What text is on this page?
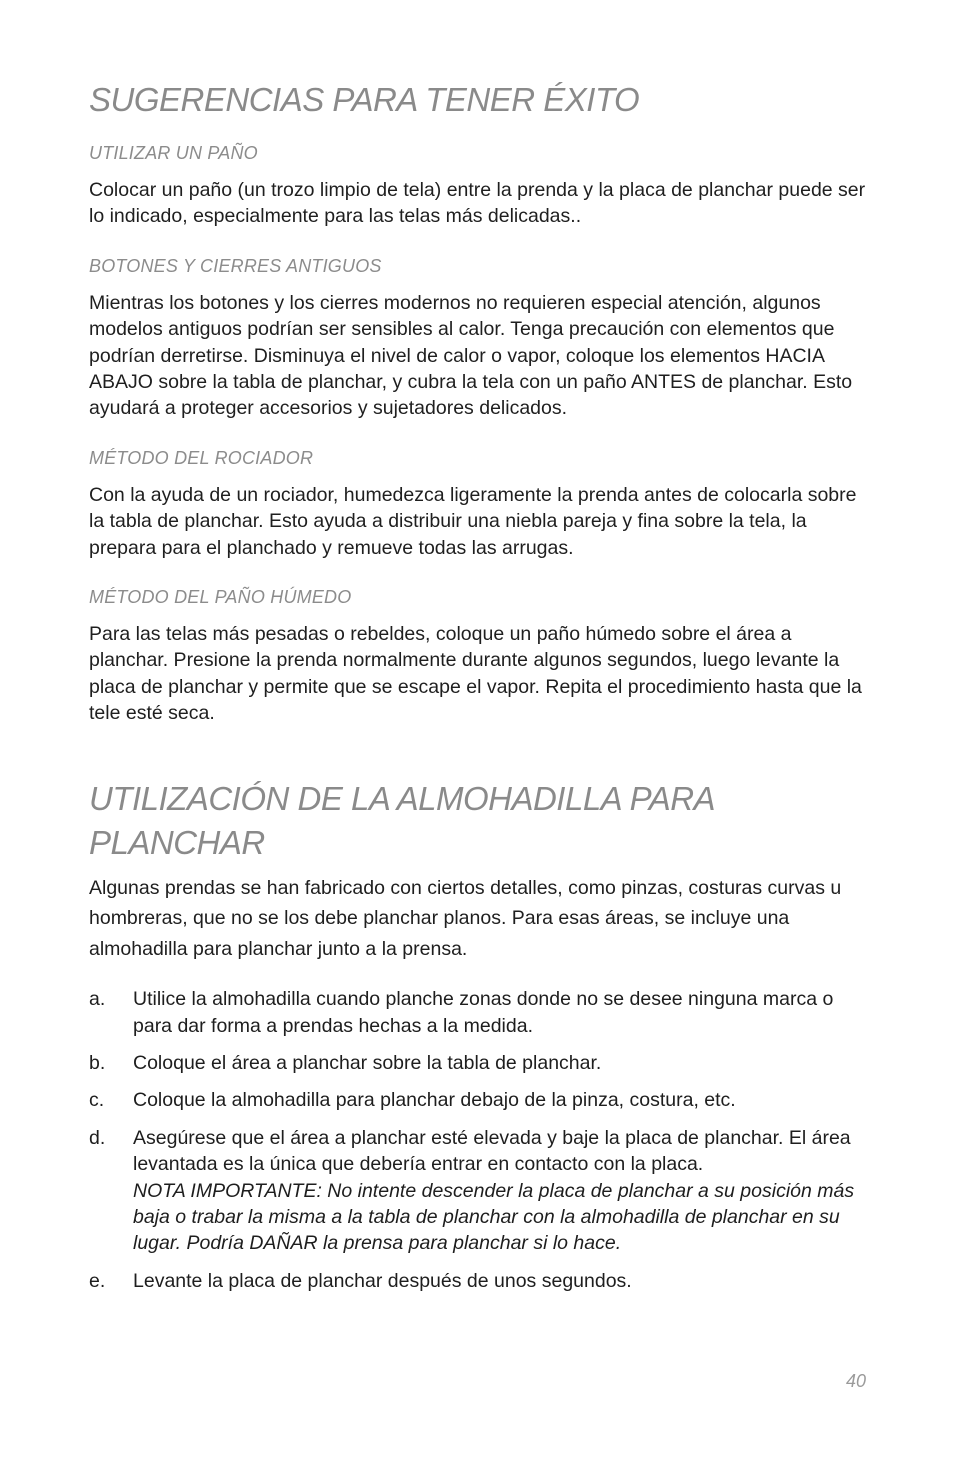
SUGERENCIAS PARA TENER ÉXITO

UTILIZAR UN PAÑO

Colocar un paño (un trozo limpio de tela) entre la prenda y la placa de planchar puede ser lo indicado, especialmente para las telas más delicadas..

BOTONES Y CIERRES ANTIGUOS

Mientras los botones y los cierres modernos no requieren especial atención, algunos modelos antiguos podrían ser sensibles al calor. Tenga precaución con elementos que podrían derretirse. Disminuya el nivel de calor o vapor, coloque los elementos HACIA ABAJO sobre la tabla de planchar, y cubra la tela con un paño ANTES de planchar. Esto ayudará a proteger accesorios y sujetadores delicados.

MÉTODO DEL ROCIADOR

Con la ayuda de un rociador, humedezca ligeramente la prenda antes de colocarla sobre la tabla de planchar. Esto ayuda a distribuir una niebla pareja y fina sobre la tela, la prepara para el planchado y remueve todas las arrugas.

MÉTODO DEL PAÑO HÚMEDO

Para las telas más pesadas o rebeldes, coloque un paño húmedo sobre el área a planchar. Presione la prenda normalmente durante algunos segundos, luego levante la placa de planchar y permite que se escape el vapor. Repita el procedimiento hasta que la tele esté seca.

UTILIZACIÓN DE LA ALMOHADILLA PARA PLANCHAR

Algunas prendas se han fabricado con ciertos detalles, como pinzas, costuras curvas u hombreras, que no se los debe planchar planos. Para esas áreas, se incluye una almohadilla para planchar junto a la prensa.

a.	Utilice la almohadilla cuando planche zonas donde no se desee ninguna marca o para dar forma a prendas hechas a la medida.
b.	Coloque el área a planchar sobre la tabla de planchar.
c.	Coloque la almohadilla para planchar debajo de la pinza, costura, etc.
d.	Asegúrese que el área a planchar esté elevada y baje la placa de planchar. El área levantada es la única que debería entrar en contacto con la placa.
NOTA IMPORTANTE: No intente descender la placa de planchar a su posición más baja o trabar la misma a la tabla de planchar con la almohadilla de planchar en su lugar. Podría DAÑAR la prensa para planchar si lo hace.
e.	Levante la placa de planchar después de unos segundos.
40
